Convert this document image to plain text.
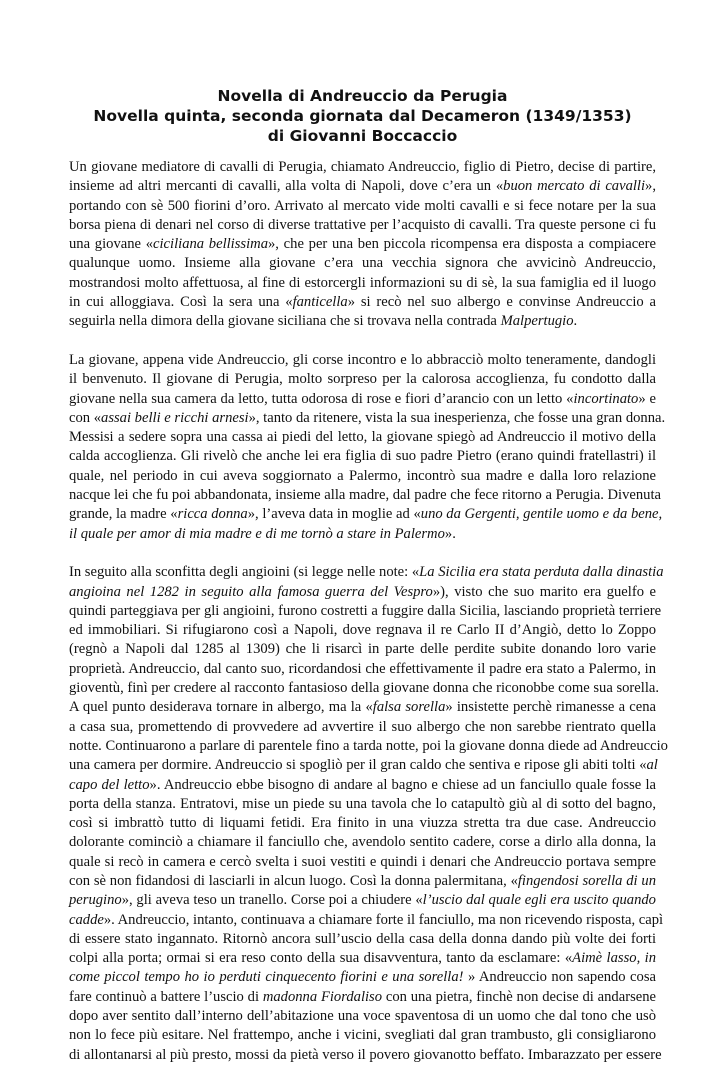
Novella di Andreuccio da Perugia
Novella quinta, seconda giornata dal Decameron (1349/1353)
di Giovanni Boccaccio
Un giovane mediatore di cavalli di Perugia, chiamato Andreuccio, figlio di Pietro, decise di partire,
insieme ad altri mercanti di cavalli, alla volta di Napoli, dove c’era un «buon mercato di cavalli»,
portando con sè 500 fiorini d’oro. Arrivato al mercato vide molti cavalli e si fece notare per la sua
borsa piena di denari nel corso di diverse trattative per l’acquisto di cavalli. Tra queste persone ci fu
una giovane «ciciliana bellissima», che per una ben piccola ricompensa era disposta a compiacere
qualunque uomo. Insieme alla giovane c’era una vecchia signora che avvicinò Andreuccio,
mostrandosi molto affettuosa, al fine di estorcergli informazioni su di sè, la sua famiglia ed il luogo
in cui alloggiava. Così la sera una «fanticella» si recò nel suo albergo e convinse Andreuccio a
seguirla nella dimora della giovane siciliana che si trovava nella contrada Malpertugio.
La giovane, appena vide Andreuccio, gli corse incontro e lo abbracciò molto teneramente, dandogli
il benvenuto. Il giovane di Perugia, molto sorpreso per la calorosa accoglienza, fu condotto dalla
giovane nella sua camera da letto, tutta odorosa di rose e fiori d’arancio con un letto «incortinato» e
con «assai belli e ricchi arnesi», tanto da ritenere, vista la sua inesperienza, che fosse una gran donna.
Messisi a sedere sopra una cassa ai piedi del letto, la giovane spiegò ad Andreuccio il motivo della
calda accoglienza. Gli rivelò che anche lei era figlia di suo padre Pietro (erano quindi fratellastri) il
quale, nel periodo in cui aveva soggiornato a Palermo, incontrò sua madre e dalla loro relazione
nacque lei che fu poi abbandonata, insieme alla madre, dal padre che fece ritorno a Perugia. Divenuta
grande, la madre «ricca donna», l’aveva data in moglie ad «uno da Gergenti, gentile uomo e da bene,
il quale per amor di mia madre e di me tornò a stare in Palermo».
In seguito alla sconfitta degli angioini (si legge nelle note: «La Sicilia era stata perduta dalla dinastia
angioina nel 1282 in seguito alla famosa guerra del Vespro»), visto che suo marito era guelfo e
quindi parteggiava per gli angioini, furono costretti a fuggire dalla Sicilia, lasciando proprietà terriere
ed immobiliari. Si rifugiarono così a Napoli, dove regnava il re Carlo II d’Angiò, detto lo Zoppo
(regnò a Napoli dal 1285 al 1309) che li risarcì in parte delle perdite subite donando loro varie
proprietà. Andreuccio, dal canto suo, ricordandosi che effettivamente il padre era stato a Palermo, in
gioventù, finì per credere al racconto fantasioso della giovane donna che riconobbe come sua sorella.
A quel punto desiderava tornare in albergo, ma la «falsa sorella» insistette perchè rimanesse a cena
a casa sua, promettendo di provvedere ad avvertire il suo albergo che non sarebbe rientrato quella
notte. Continuarono a parlare di parentele fino a tarda notte, poi la giovane donna diede ad Andreuccio
una camera per dormire. Andreuccio si spogliò per il gran caldo che sentiva e ripose gli abiti tolti «al
capo del letto». Andreuccio ebbe bisogno di andare al bagno e chiese ad un fanciullo quale fosse la
porta della stanza. Entratovi, mise un piede su una tavola che lo catapultò giù al di sotto del bagno,
così si imbrattò tutto di liquami fetidi. Era finito in una viuzza stretta tra due case. Andreuccio
dolorante cominciò a chiamare il fanciullo che, avendolo sentito cadere, corse a dirlo alla donna, la
quale si recò in camera e cercò svelta i suoi vestiti e quindi i denari che Andreuccio portava sempre
con sè non fidandosi di lasciarli in alcun luogo. Così la donna palermitana, «fingendosi sorella di un
perugino», gli aveva teso un tranello. Corse poi a chiudere «l’uscio dal quale egli era uscito quando
cadde». Andreuccio, intanto, continuava a chiamare forte il fanciullo, ma non ricevendo risposta, capì
di essere stato ingannato. Ritornò ancora sull’uscio della casa della donna dando più volte dei forti
colpi alla porta; ormai si era reso conto della sua disavventura, tanto da esclamare: «Aimè lasso, in
come piccol tempo ho io perduti cinquecento fiorini e una sorella! » Andreuccio non sapendo cosa
fare continuò a battere l’uscio di madonna Fiordaliso con una pietra, finchè non decise di andarsene
dopo aver sentito dall’interno dell’abitazione una voce spaventosa di un uomo che dal tono che usò
non lo fece più esitare. Nel frattempo, anche i vicini, svegliati dal gran trambusto, gli consigliarono
di allontanarsi al più presto, mossi da pietà verso il povero giovanotto beffato. Imbarazzato per essere
